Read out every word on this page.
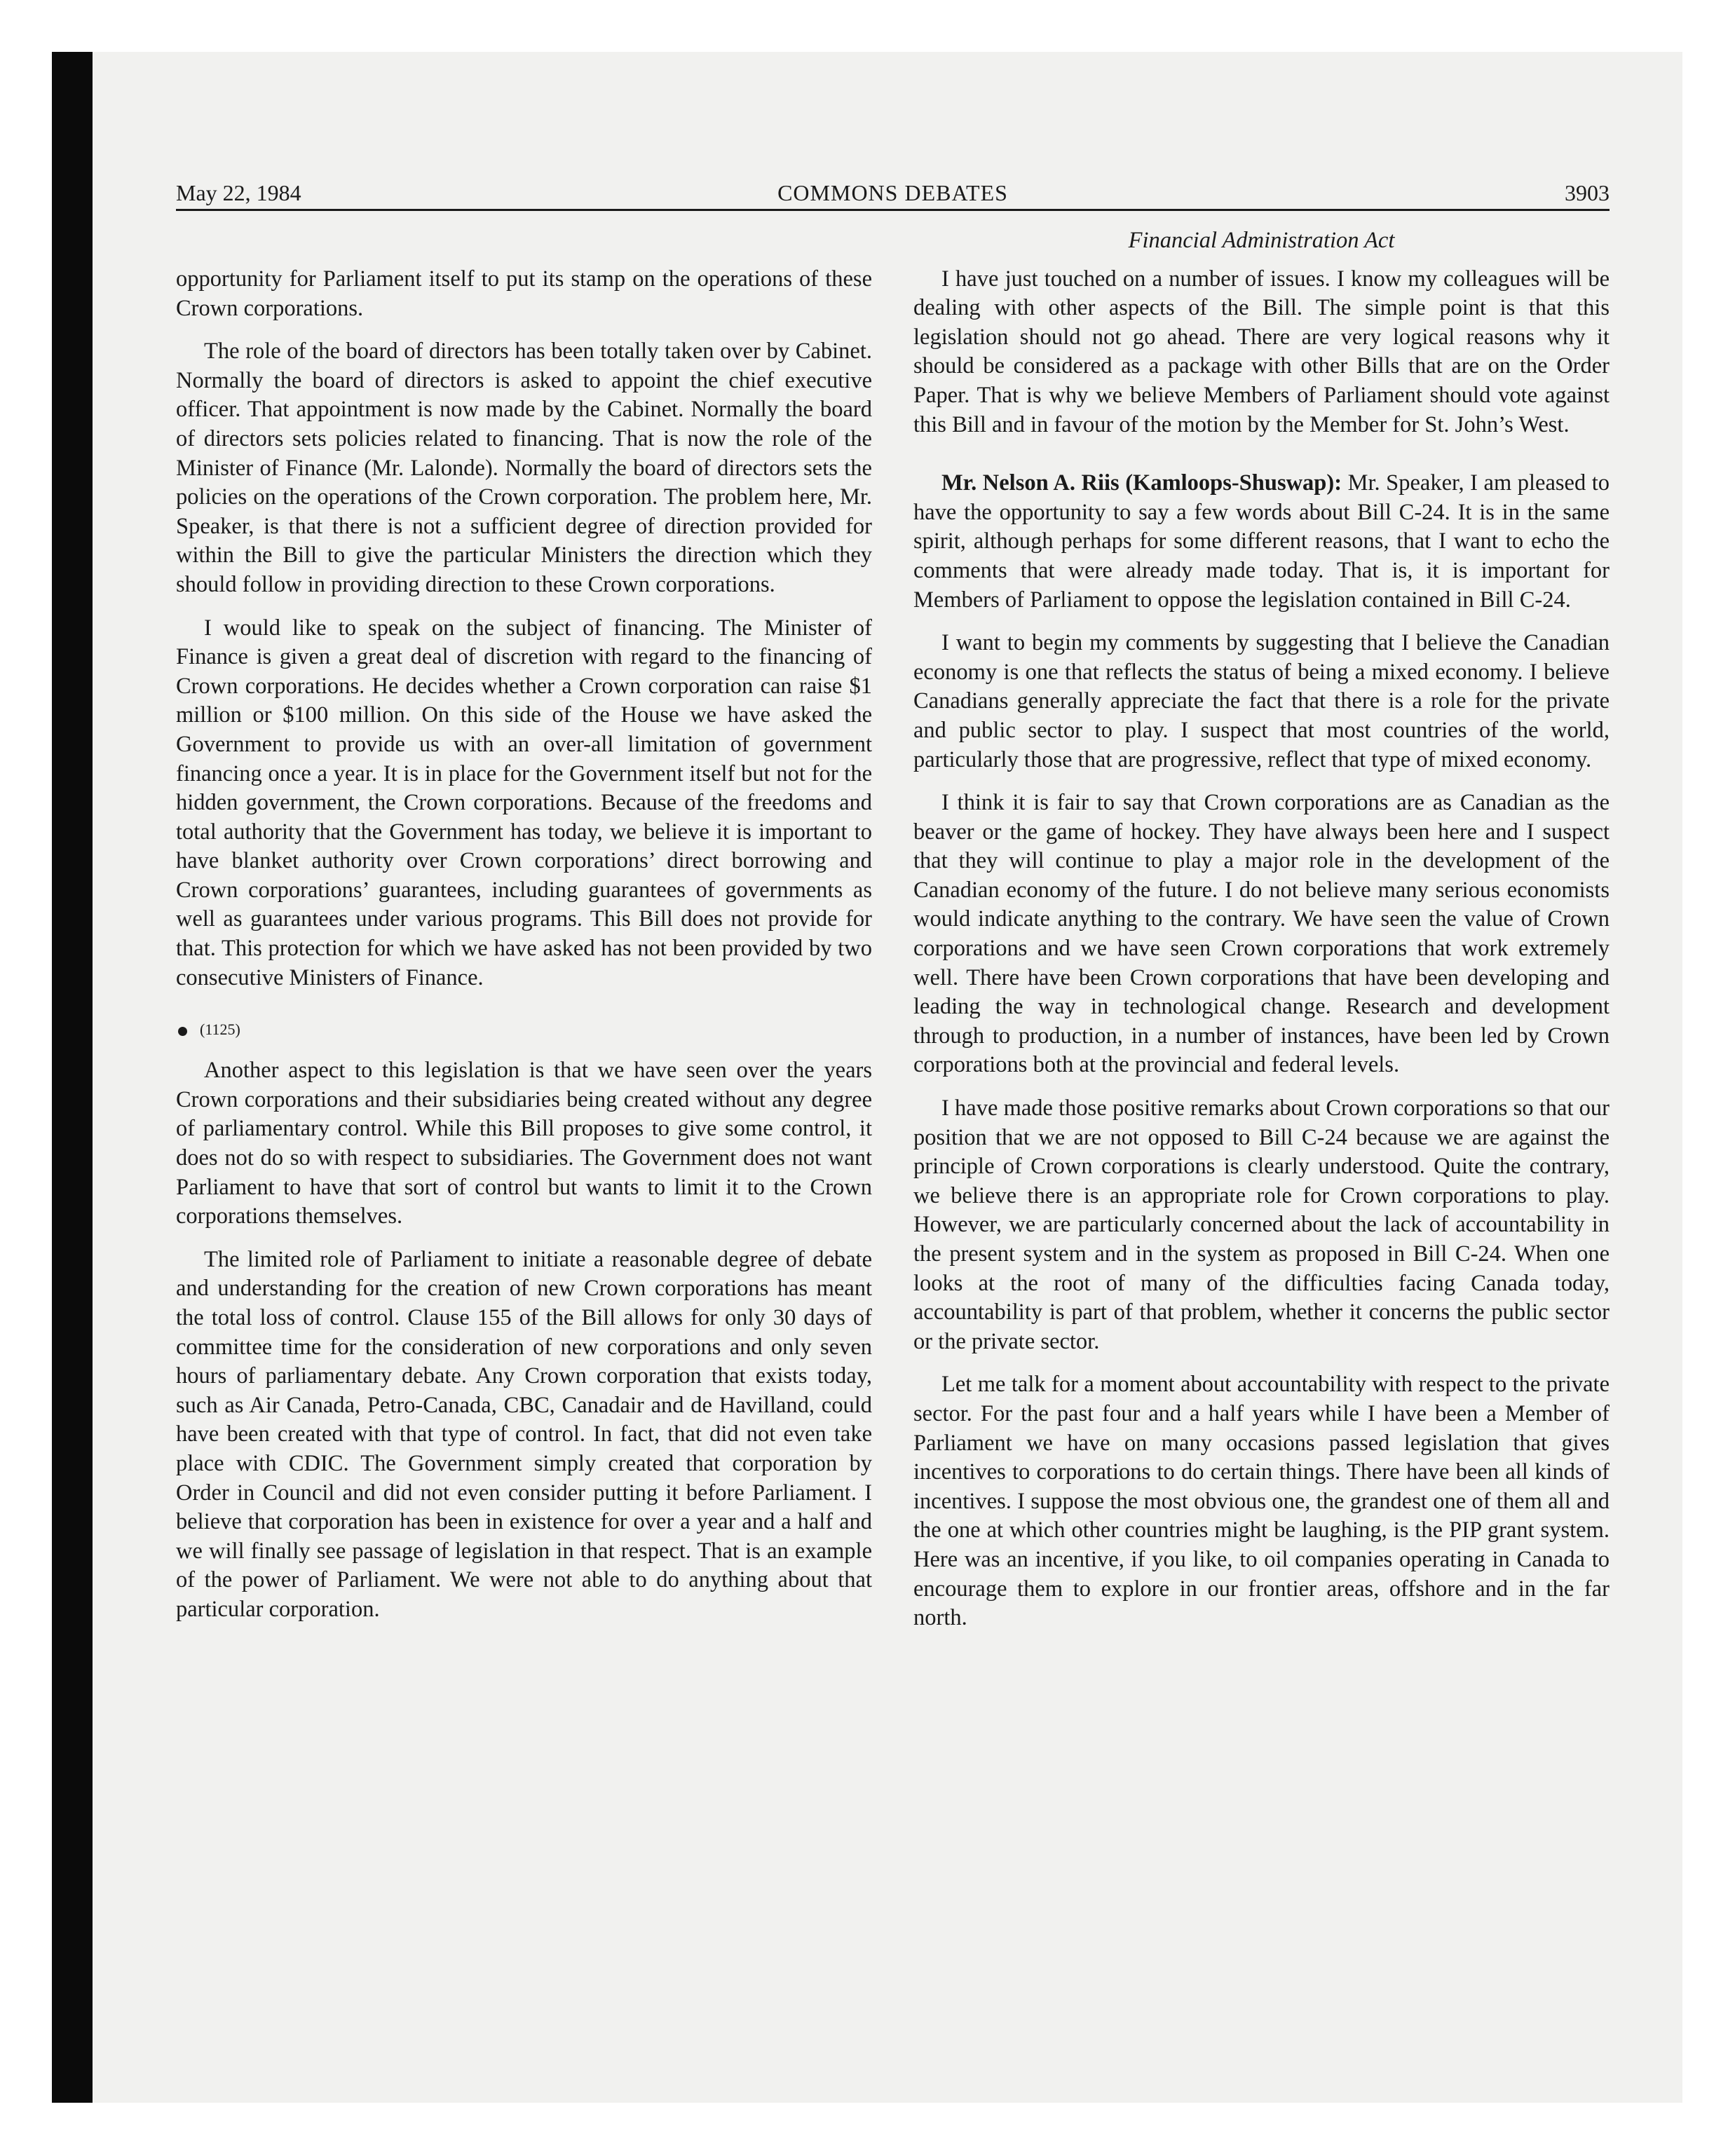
May 22, 1984	COMMONS DEBATES	3903

opportunity for Parliament itself to put its stamp on the operations of these Crown corporations.

The role of the board of directors has been totally taken over by Cabinet. Normally the board of directors is asked to appoint the chief executive officer. That appointment is now made by the Cabinet. Normally the board of directors sets policies related to financing. That is now the role of the Minister of Finance (Mr. Lalonde). Normally the board of directors sets the policies on the operations of the Crown corporation. The problem here, Mr. Speaker, is that there is not a sufficient degree of direction provided for within the Bill to give the particular Ministers the direction which they should follow in providing direction to these Crown corporations.

I would like to speak on the subject of financing. The Minister of Finance is given a great deal of discretion with regard to the financing of Crown corporations. He decides whether a Crown corporation can raise $1 million or $100 million. On this side of the House we have asked the Government to provide us with an over-all limitation of government financing once a year. It is in place for the Government itself but not for the hidden government, the Crown corporations. Because of the freedoms and total authority that the Government has today, we believe it is important to have blanket authority over Crown corporations’ direct borrowing and Crown corporations’ guarantees, including guarantees of governments as well as guarantees under various programs. This Bill does not provide for that. This protection for which we have asked has not been provided by two consecutive Ministers of Finance.

(1125)

Another aspect to this legislation is that we have seen over the years Crown corporations and their subsidiaries being created without any degree of parliamentary control. While this Bill proposes to give some control, it does not do so with respect to subsidiaries. The Government does not want Parliament to have that sort of control but wants to limit it to the Crown corporations themselves.

The limited role of Parliament to initiate a reasonable degree of debate and understanding for the creation of new Crown corporations has meant the total loss of control. Clause 155 of the Bill allows for only 30 days of committee time for the consideration of new corporations and only seven hours of parliamentary debate. Any Crown corporation that exists today, such as Air Canada, Petro-Canada, CBC, Canadair and de Havilland, could have been created with that type of control. In fact, that did not even take place with CDIC. The Government simply created that corporation by Order in Council and did not even consider putting it before Parliament. I believe that corporation has been in existence for over a year and a half and we will finally see passage of legislation in that respect. That is an example of the power of Parliament. We were not able to do anything about that particular corporation.

Financial Administration Act

I have just touched on a number of issues. I know my colleagues will be dealing with other aspects of the Bill. The simple point is that this legislation should not go ahead. There are very logical reasons why it should be considered as a package with other Bills that are on the Order Paper. That is why we believe Members of Parliament should vote against this Bill and in favour of the motion by the Member for St. John’s West.

Mr. Nelson A. Riis (Kamloops-Shuswap): Mr. Speaker, I am pleased to have the opportunity to say a few words about Bill C-24. It is in the same spirit, although perhaps for some different reasons, that I want to echo the comments that were already made today. That is, it is important for Members of Parliament to oppose the legislation contained in Bill C-24.

I want to begin my comments by suggesting that I believe the Canadian economy is one that reflects the status of being a mixed economy. I believe Canadians generally appreciate the fact that there is a role for the private and public sector to play. I suspect that most countries of the world, particularly those that are progressive, reflect that type of mixed economy.

I think it is fair to say that Crown corporations are as Canadian as the beaver or the game of hockey. They have always been here and I suspect that they will continue to play a major role in the development of the Canadian economy of the future. I do not believe many serious economists would indicate anything to the contrary. We have seen the value of Crown corporations and we have seen Crown corporations that work extremely well. There have been Crown corporations that have been developing and leading the way in technological change. Research and development through to production, in a number of instances, have been led by Crown corporations both at the provincial and federal levels.

I have made those positive remarks about Crown corporations so that our position that we are not opposed to Bill C-24 because we are against the principle of Crown corporations is clearly understood. Quite the contrary, we believe there is an appropriate role for Crown corporations to play. However, we are particularly concerned about the lack of accountability in the present system and in the system as proposed in Bill C-24. When one looks at the root of many of the difficulties facing Canada today, accountability is part of that problem, whether it concerns the public sector or the private sector.

Let me talk for a moment about accountability with respect to the private sector. For the past four and a half years while I have been a Member of Parliament we have on many occasions passed legislation that gives incentives to corporations to do certain things. There have been all kinds of incentives. I suppose the most obvious one, the grandest one of them all and the one at which other countries might be laughing, is the PIP grant system. Here was an incentive, if you like, to oil companies operating in Canada to encourage them to explore in our frontier areas, offshore and in the far north.
